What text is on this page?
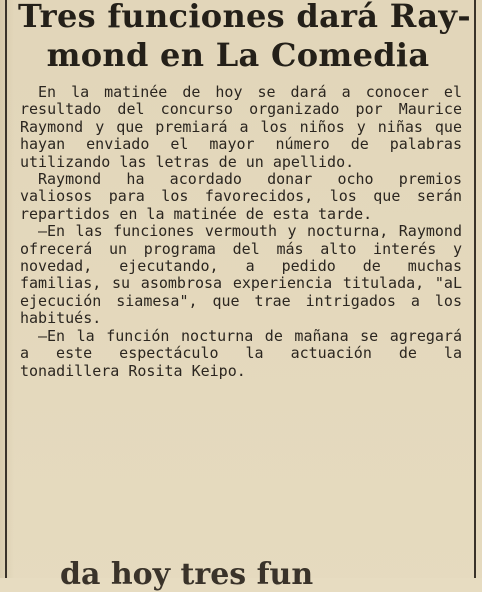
Tres funciones dará Ray-
mond en La Comedia

En la matinée de hoy se dará a conocer el resultado del concurso organizado por Maurice Raymond y que premiará a los niños y niñas que hayan enviado el mayor número de palabras utilizando las letras de un apellido.

Raymond ha acordado donar ocho premios valiosos para los favorecidos, los que serán repartidos en la matinée de esta tarde.

—En las funciones vermouth y nocturna, Raymond ofrecerá un programa del más alto interés y novedad, ejecutando, a pedido de muchas familias, su asombrosa experiencia titulada, "aL ejecución siamesa", que trae intrigados a los habitués.

—En la función nocturna de mañana se agregará a este espectáculo la actuación de la tonadillera Rosita Keipo.

da hoy tres fun
